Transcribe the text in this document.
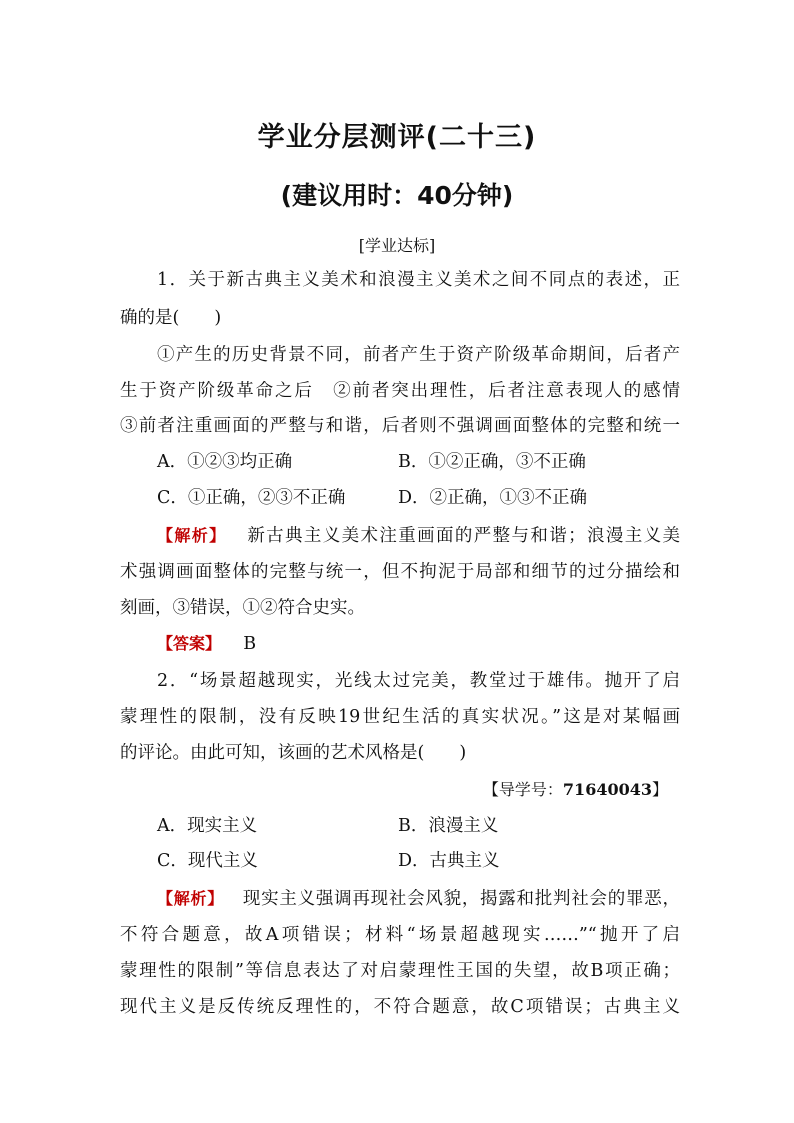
学业分层测评(二十三)
(建议用时：40分钟)
[学业达标]
1．关于新古典主义美术和浪漫主义美术之间不同点的表述，正
确的是(　　)
①产生的历史背景不同，前者产生于资产阶级革命期间，后者产
生于资产阶级革命之后　②前者突出理性，后者注意表现人的感情
③前者注重画面的严整与和谐，后者则不强调画面整体的完整和统一
A．①②③均正确	B．①②正确，③不正确
C．①正确，②③不正确	D．②正确，①③不正确
【解析】 新古典主义美术注重画面的严整与和谐；浪漫主义美
术强调画面整体的完整与统一，但不拘泥于局部和细节的过分描绘和
刻画，③错误，①②符合史实。
【答案】 B
2．“场景超越现实，光线太过完美，教堂过于雄伟。抛开了启
蒙理性的限制，没有反映19世纪生活的真实状况。”这是对某幅画
的评论。由此可知，该画的艺术风格是(　　)
【导学号：71640043】
A．现实主义	B．浪漫主义
C．现代主义	D．古典主义
【解析】 现实主义强调再现社会风貌，揭露和批判社会的罪恶，
不符合题意，故A项错误；材料“场景超越现实……”“抛开了启
蒙理性的限制”等信息表达了对启蒙理性王国的失望，故B项正确；
现代主义是反传统反理性的，不符合题意，故C项错误；古典主义
